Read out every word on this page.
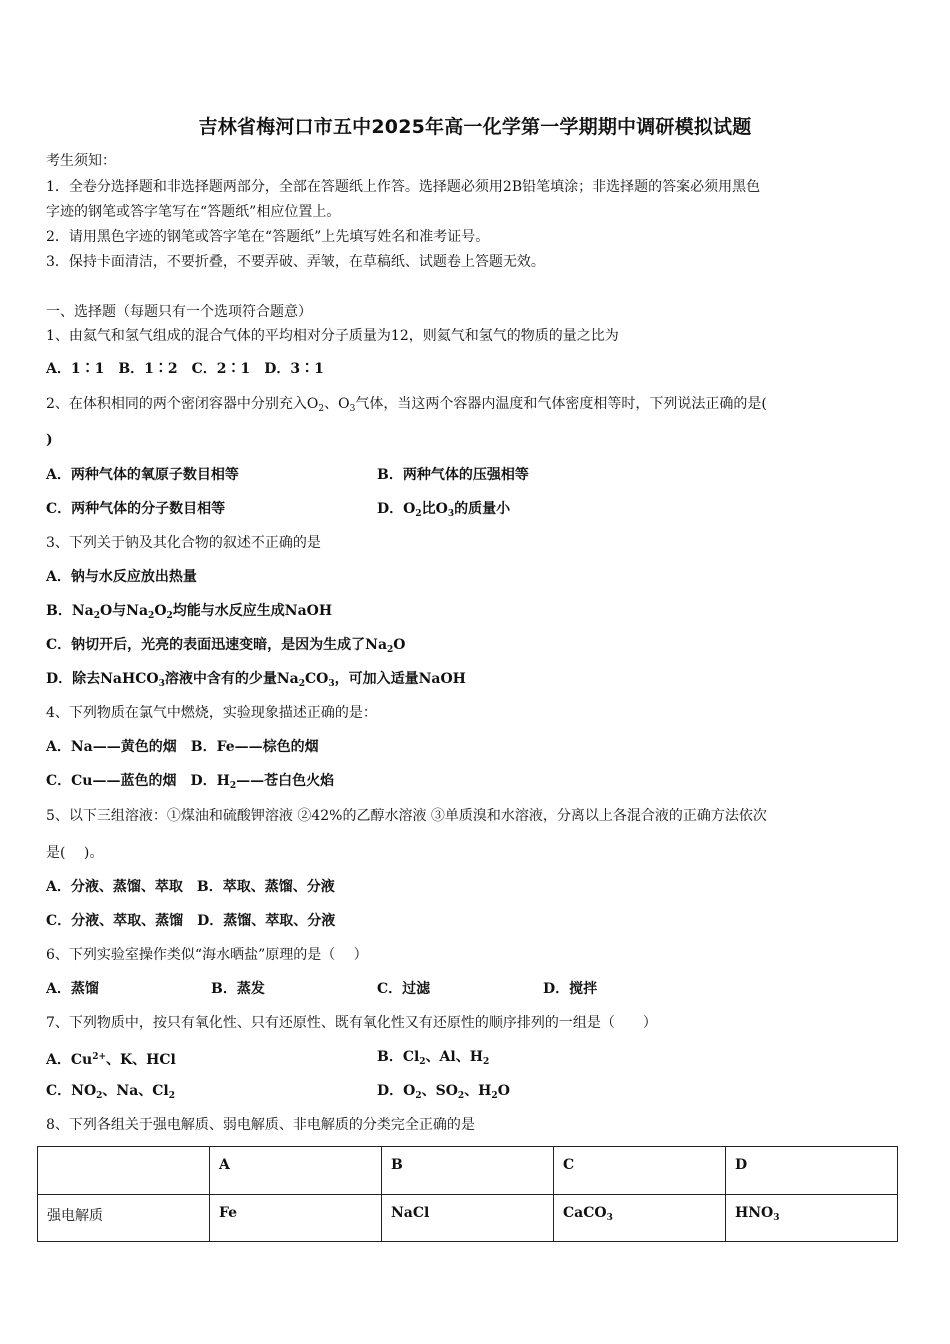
吉林省梅河口市五中2025年高一化学第一学期期中调研模拟试题
考生须知：
1．全卷分选择题和非选择题两部分，全部在答题纸上作答。选择题必须用2B铅笔填涂；非选择题的答案必须用黑色
字迹的钢笔或答字笔写在“答题纸”相应位置上。
2．请用黑色字迹的钢笔或答字笔在“答题纸”上先填写姓名和准考证号。
3．保持卡面清洁，不要折叠，不要弄破、弄皱，在草稿纸、试题卷上答题无效。
一、选择题（每题只有一个选项符合题意）
1、由氦气和氢气组成的混合气体的平均相对分子质量为12，则氦气和氢气的物质的量之比为
A．1∶1　B．1∶2　C．2∶1　D．3∶1
2、在体积相同的两个密闭容器中分别充入$O_2$、$O_3$气体，当这两个容器内温度和气体密度相等时，下列说法正确的是(
)
A．两种气体的氧原子数目相等	B．两种气体的压强相等
C．两种气体的分子数目相等	D．$O_2$比$O_3$的质量小
3、下列关于钠及其化合物的叙述不正确的是
A．钠与水反应放出热量
B．$Na_2O$与$Na_2O_2$均能与水反应生成NaOH
C．钠切开后，光亮的表面迅速变暗，是因为生成了$Na_2O$
D．除去NaHCO$_3$溶液中含有的少量$Na_2CO_3$，可加入适量NaOH
4、下列物质在氯气中燃烧，实验现象描述正确的是：
A．Na——黄色的烟　B．Fe——棕色的烟
C．Cu——蓝色的烟　D．$H_2——$苍白色火焰
5、以下三组溶液：①煤油和硫酸钾溶液 ②42%的乙醇水溶液 ③单质溴和水溶液，分离以上各混合液的正确方法依次
是(　 )。
A．分液、蒸馏、萃取　B．萃取、蒸馏、分液
C．分液、萃取、蒸馏　D．蒸馏、萃取、分液
6、下列实验室操作类似“海水晒盐”原理的是（　 ）
A．蒸馏	B．蒸发	C．过滤	D．搅拌
7、下列物质中，按只有氧化性、只有还原性、既有氧化性又有还原性的顺序排列的一组是（　　）
A．$Cu^{2+}$、K、HCl	B．$Cl_2$、Al、$H_2$
C．$NO_2$、Na、$Cl_2$	D．$O_2$、$SO_2$、$H_2O$
8、下列各组关于强电解质、弱电解质、非电解质的分类完全正确的是
	A	B	C	D
强电解质	Fe	NaCl	CaCO$_3$	$HNO_3$
